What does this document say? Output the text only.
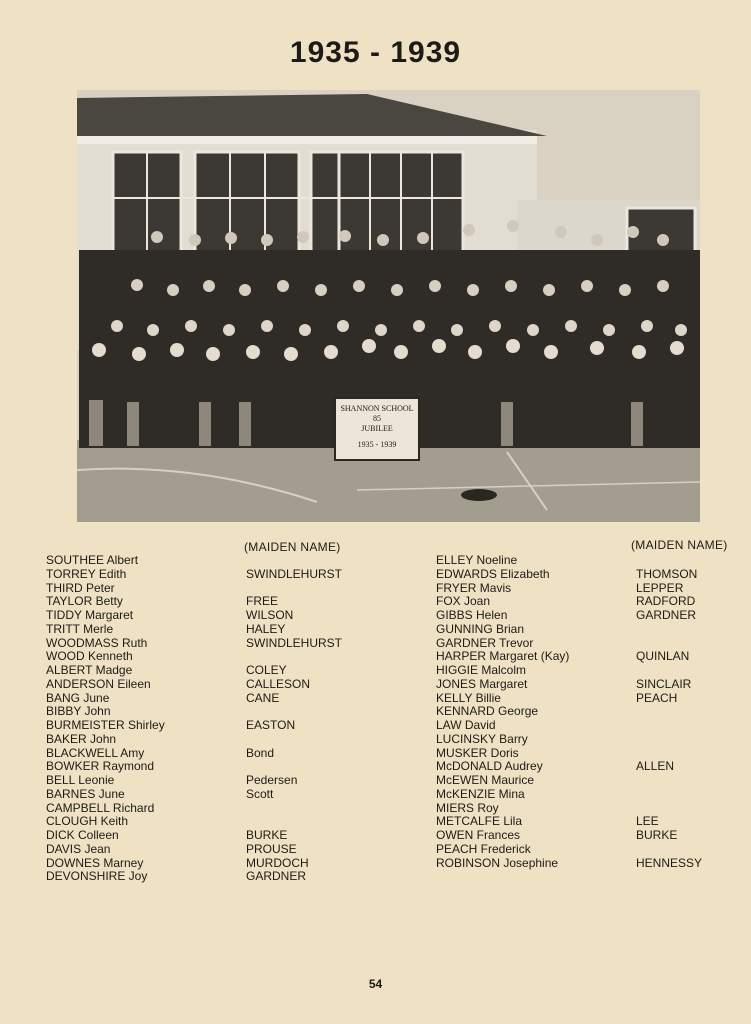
1935 - 1939
SHANNON SCHOOL
85
JUBILEE
1935 - 1939
(MAIDEN NAME)	(MAIDEN NAME)
SOUTHEE Albert
TORREY Edith
THIRD Peter
TAYLOR Betty
TIDDY Margaret
TRITT Merle
WOODMASS Ruth
WOOD Kenneth
ALBERT Madge
ANDERSON Eileen
BANG June
BIBBY John
BURMEISTER Shirley
BAKER John
BLACKWELL Amy
BOWKER Raymond
BELL Leonie
BARNES June
CAMPBELL Richard
CLOUGH Keith
DICK Colleen
DAVIS Jean
DOWNES Marney
DEVONSHIRE Joy
SWINDLEHURST
FREE
WILSON
HALEY
SWINDLEHURST
COLEY
CALLESON
CANE
EASTON
Bond
Pedersen
Scott
BURKE
PROUSE
MURDOCH
GARDNER
ELLEY Noeline
EDWARDS Elizabeth
FRYER Mavis
FOX Joan
GIBBS Helen
GUNNING Brian
GARDNER Trevor
HARPER Margaret (Kay)
HIGGIE Malcolm
JONES Margaret
KELLY Billie
KENNARD George
LAW David
LUCINSKY Barry
MUSKER Doris
McDONALD Audrey
McEWEN Maurice
McKENZIE Mina
MIERS Roy
METCALFE Lila
OWEN Frances
PEACH Frederick
ROBINSON Josephine
THOMSON
LEPPER
RADFORD
GARDNER
QUINLAN
SINCLAIR
PEACH
ALLEN
LEE
BURKE
HENNESSY
54
